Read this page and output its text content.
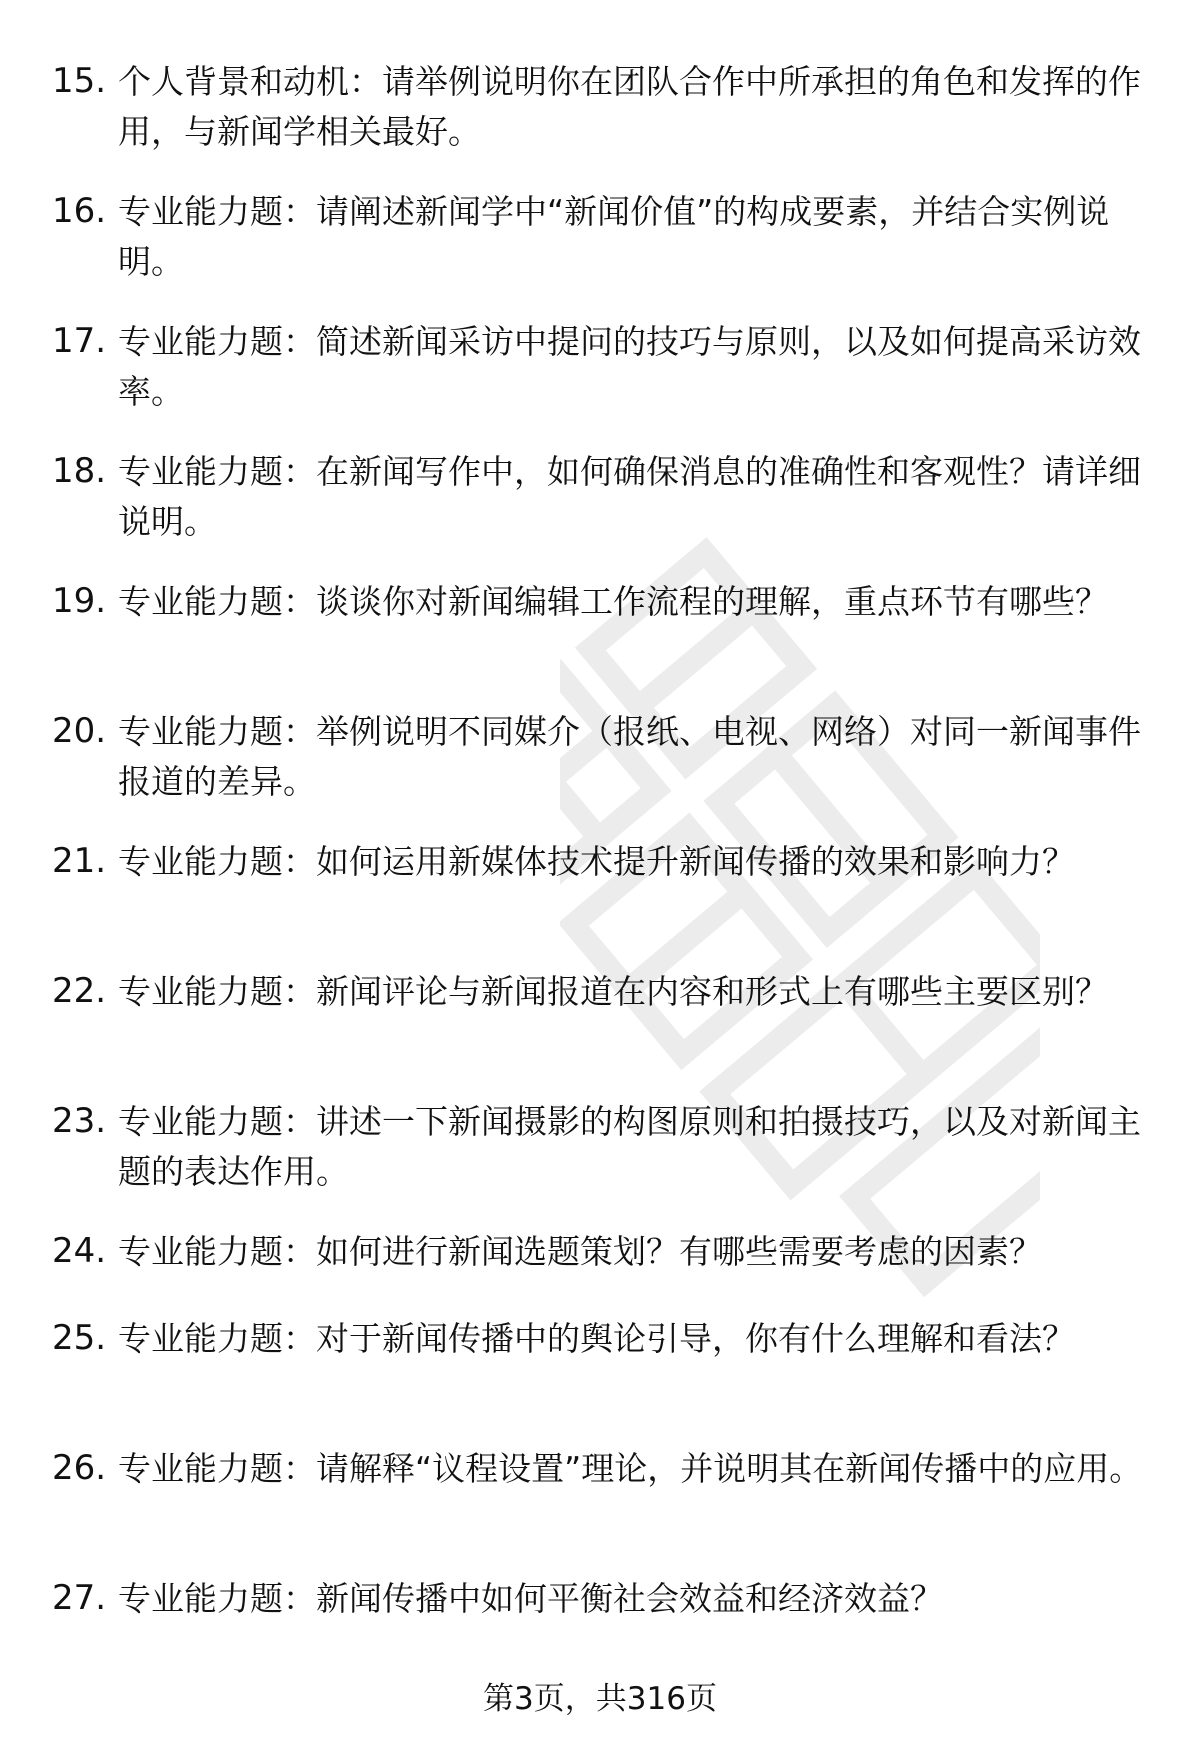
15. 个人背景和动机：请举例说明你在团队合作中所承担的角色和发挥的作用，与新闻学相关最好。
16. 专业能力题：请阐述新闻学中“新闻价值”的构成要素，并结合实例说明。
17. 专业能力题：简述新闻采访中提问的技巧与原则，以及如何提高采访效率。
18. 专业能力题：在新闻写作中，如何确保消息的准确性和客观性？请详细说明。
19. 专业能力题：谈谈你对新闻编辑工作流程的理解，重点环节有哪些？
20. 专业能力题：举例说明不同媒介（报纸、电视、网络）对同一新闻事件报道的差异。
21. 专业能力题：如何运用新媒体技术提升新闻传播的效果和影响力？
22. 专业能力题：新闻评论与新闻报道在内容和形式上有哪些主要区别？
23. 专业能力题：讲述一下新闻摄影的构图原则和拍摄技巧，以及对新闻主题的表达作用。
24. 专业能力题：如何进行新闻选题策划？有哪些需要考虑的因素？
25. 专业能力题：对于新闻传播中的舆论引导，你有什么理解和看法？
26. 专业能力题：请解释“议程设置”理论，并说明其在新闻传播中的应用。
27. 专业能力题：新闻传播中如何平衡社会效益和经济效益？
第3页，共316页
